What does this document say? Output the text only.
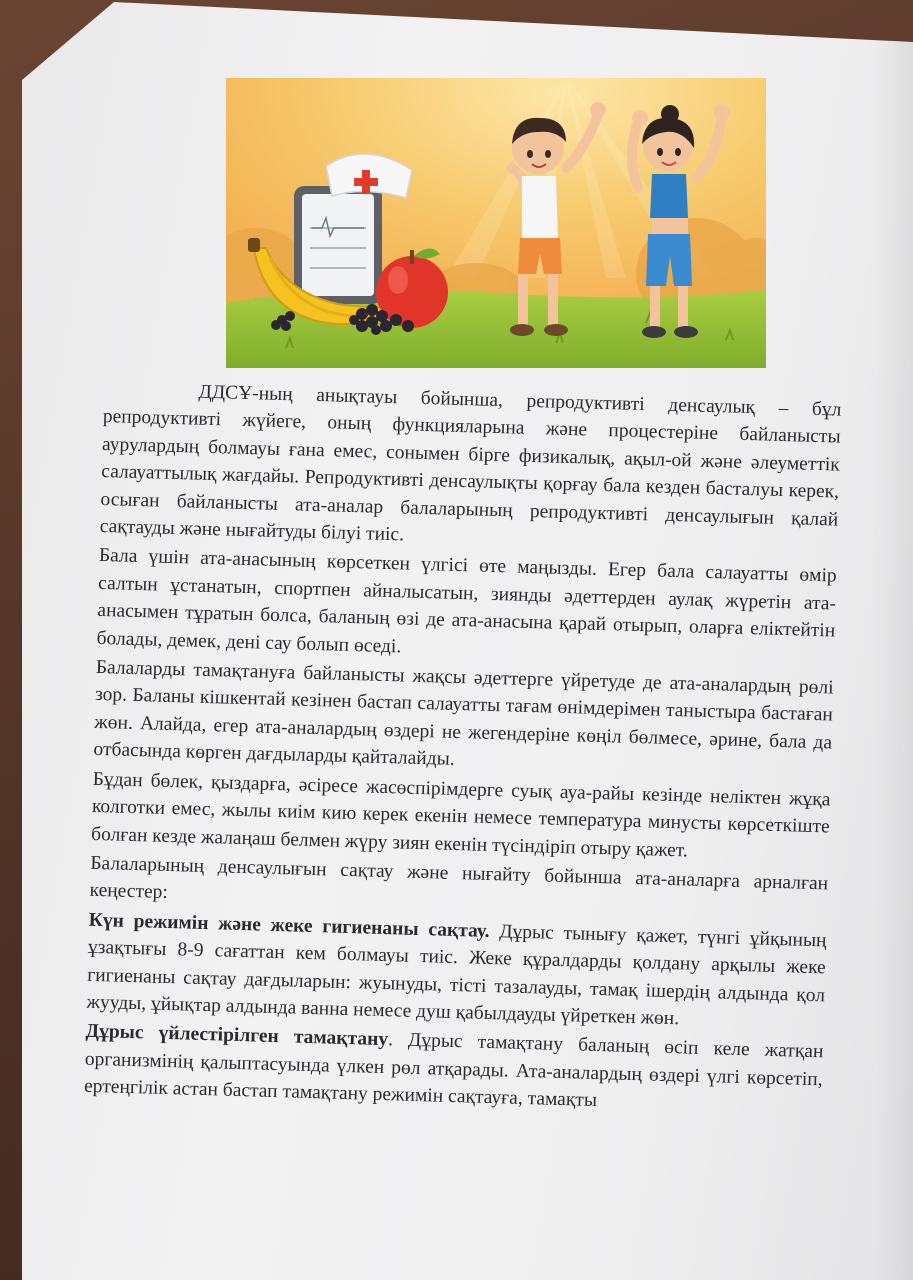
ДДСҰ-ның анықтауы бойынша, репродуктивті денсаулық – бұл репродуктивті жүйеге, оның функцияларына және процестеріне байланысты аурулардың болмауы ғана емес, сонымен бірге физикалық, ақыл-ой және әлеуметтік салауаттылық жағдайы. Репродуктивті денсаулықты қорғау бала кезден басталуы керек, осыған байланысты ата-аналар балаларының репродуктивті денсаулығын қалай сақтауды және нығайтуды білуі тиіс.

Бала үшін ата-анасының көрсеткен үлгісі өте маңызды. Егер бала салауатты өмір салтын ұстанатын, спортпен айналысатын, зиянды әдеттерден аулақ жүретін ата-анасымен тұратын болса, баланың өзі де ата-анасына қарай отырып, оларға еліктейтін болады, демек, дені сау болып өседі.

Балаларды тамақтануға байланысты жақсы әдеттерге үйретуде де ата-аналардың рөлі зор. Баланы кішкентай кезінен бастап салауатты тағам өнімдерімен таныстыра бастаған жөн. Алайда, егер ата-аналардың өздері не жегендеріне көңіл бөлмесе, әрине, бала да отбасында көрген дағдыларды қайталайды.

Бұдан бөлек, қыздарға, әсіресе жасөспірімдерге суық ауа-райы кезінде неліктен жұқа колготки емес, жылы киім кию керек екенін немесе температура минусты көрсеткіште болған кезде жалаңаш белмен жүру зиян екенін түсіндіріп отыру қажет.

Балаларының денсаулығын сақтау және нығайту бойынша ата-аналарға арналған кеңестер:

Күн режимін және жеке гигиенаны сақтау. Дұрыс тынығу қажет, түнгі ұйқының ұзақтығы 8-9 сағаттан кем болмауы тиіс. Жеке құралдарды қолдану арқылы жеке гигиенаны сақтау дағдыларын: жуынуды, тісті тазалауды, тамақ ішердің алдында қол жууды, ұйықтар алдында ванна немесе душ қабылдауды үйреткен жөн.

Дұрыс үйлестірілген тамақтану. Дұрыс тамақтану баланың өсіп келе жатқан организмінің қалыптасуында үлкен рөл атқарады. Ата-аналардың өздері үлгі көрсетіп, ертеңгілік астан бастап тамақтану режимін сақтауға, тамақты
